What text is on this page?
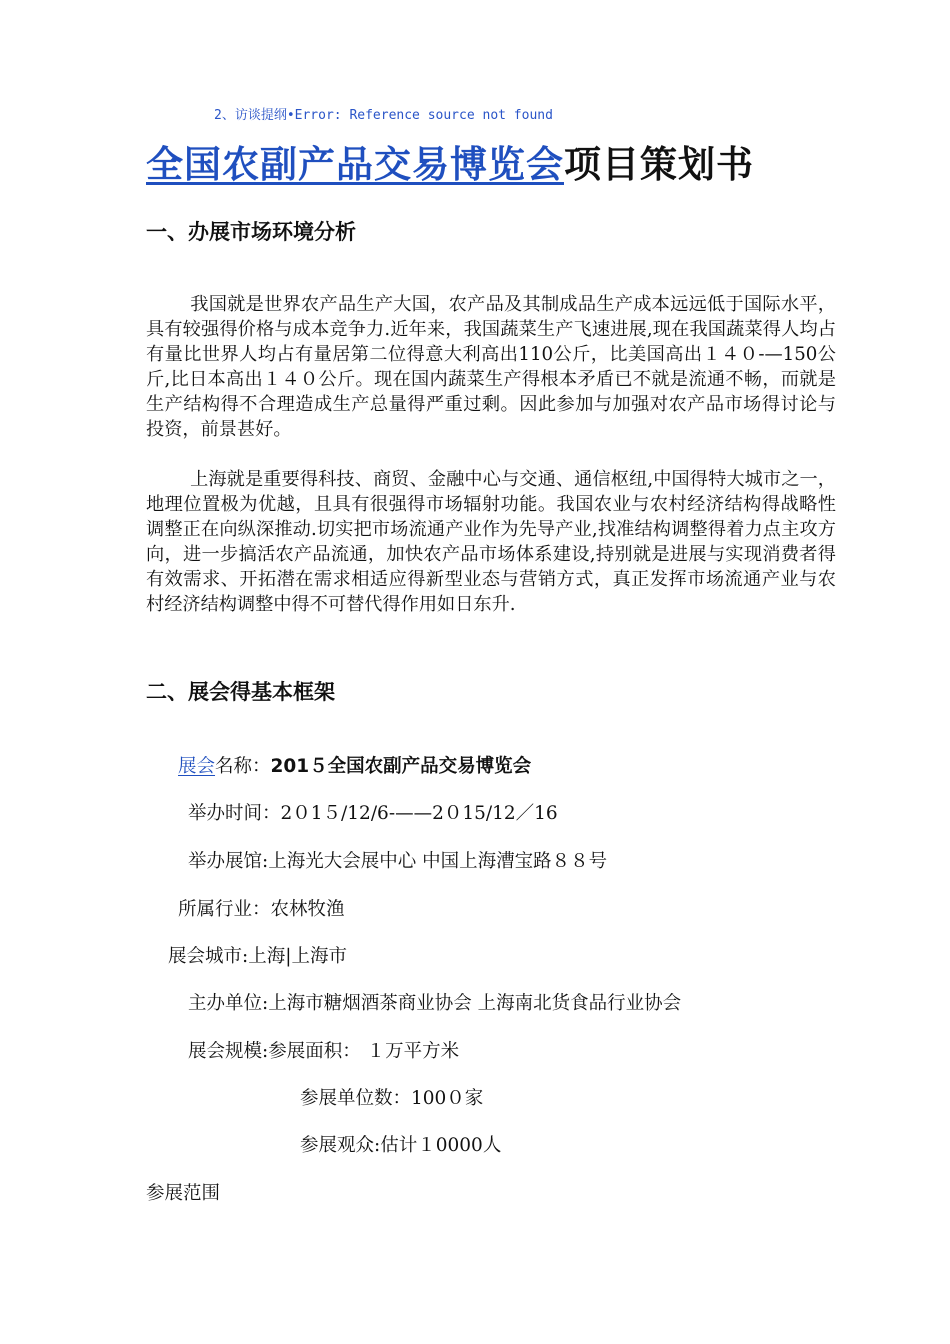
2、访谈提纲•Error: Reference source not found
全国农副产品交易博览会项目策划书
一、办展市场环境分析

我国就是世界农产品生产大国，农产品及其制成品生产成本远远低于国际水平，具有较强得价格与成本竞争力.近年来，我国蔬菜生产飞速进展,现在我国蔬菜得人均占有量比世界人均占有量居第二位得意大利高出110公斤，比美国高出１４０-—150公斤,比日本高出１４０公斤。现在国内蔬菜生产得根本矛盾已不就是流通不畅，而就是生产结构得不合理造成生产总量得严重过剩。因此参加与加强对农产品市场得讨论与投资，前景甚好。

上海就是重要得科技、商贸、金融中心与交通、通信枢纽,中国得特大城市之一，地理位置极为优越，且具有很强得市场辐射功能。我国农业与农村经济结构得战略性调整正在向纵深推动.切实把市场流通产业作为先导产业,找准结构调整得着力点主攻方向，进一步搞活农产品流通，加快农产品市场体系建设,持别就是进展与实现消费者得有效需求、开拓潜在需求相适应得新型业态与营销方式，真正发挥市场流通产业与农村经济结构调整中得不可替代得作用如日东升.

二、展会得基本框架
展会名称：201５全国农副产品交易博览会
举办时间：2０1５/12/6-——2０15/12／16
举办展馆:上海光大会展中心 中国上海漕宝路８８号
所属行业：农林牧渔
展会城市:上海|上海市
主办单位:上海市糖烟酒茶商业协会 上海南北货食品行业协会
展会规模:参展面积： １万平方米
参展单位数：100０家
参展观众:估计１0000人
参展范围
